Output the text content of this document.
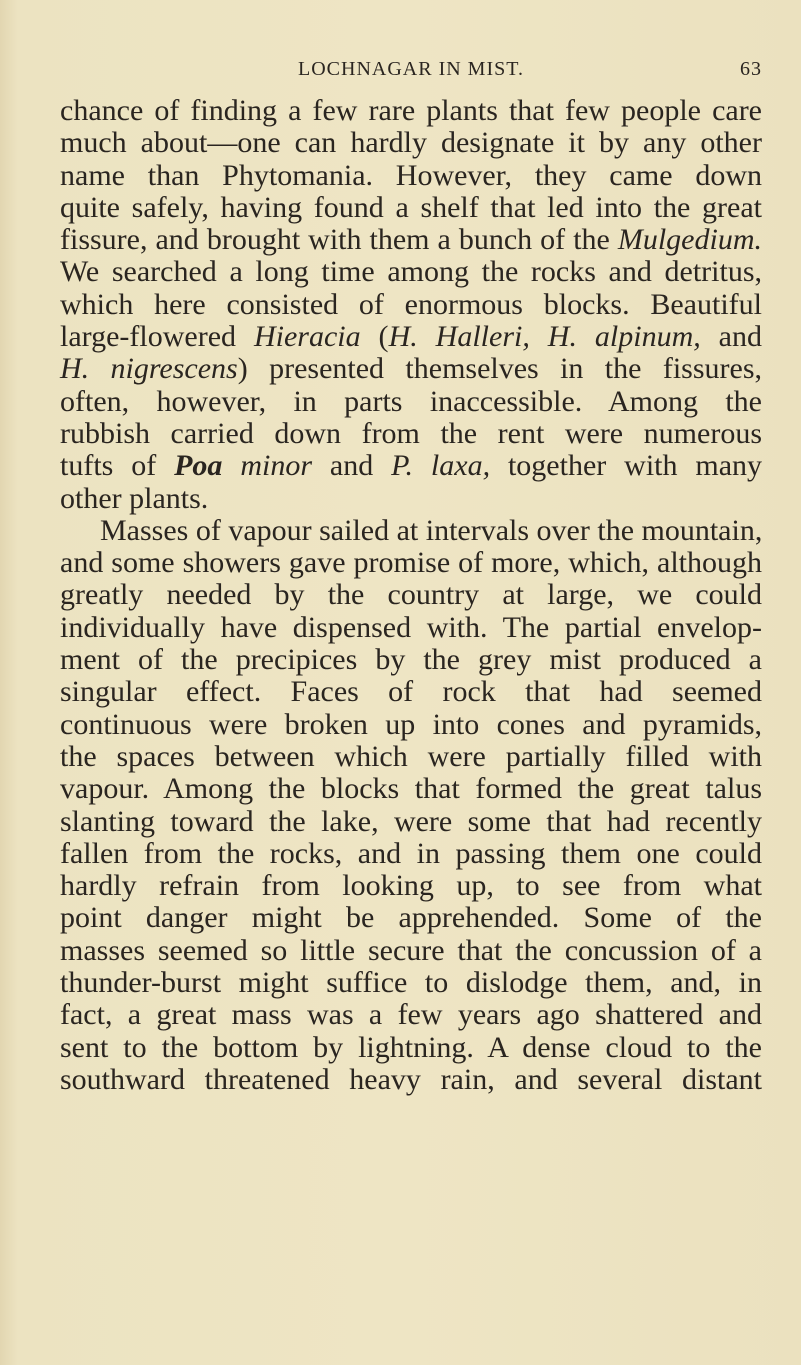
LOCHNAGAR IN MIST.	63
chance of finding a few rare plants that few people care
much about—one can hardly designate it by any other
name than Phytomania. However, they came down
quite safely, having found a shelf that led into the great
fissure, and brought with them a bunch of the Mulgedium.
We searched a long time among the rocks and detritus,
which here consisted of enormous blocks. Beautiful
large-flowered Hieracia (H. Halleri, H. alpinum, and
H. nigrescens) presented themselves in the fissures,
often, however, in parts inaccessible. Among the
rubbish carried down from the rent were numerous
tufts of Poa minor and P. laxa, together with many
other plants.
Masses of vapour sailed at intervals over the mountain,
and some showers gave promise of more, which, although
greatly needed by the country at large, we could
individually have dispensed with. The partial envelop-
ment of the precipices by the grey mist produced a
singular effect. Faces of rock that had seemed
continuous were broken up into cones and pyramids,
the spaces between which were partially filled with
vapour. Among the blocks that formed the great talus
slanting toward the lake, were some that had recently
fallen from the rocks, and in passing them one could
hardly refrain from looking up, to see from what
point danger might be apprehended. Some of the
masses seemed so little secure that the concussion of a
thunder-burst might suffice to dislodge them, and, in
fact, a great mass was a few years ago shattered and
sent to the bottom by lightning. A dense cloud to the
southward threatened heavy rain, and several distant
